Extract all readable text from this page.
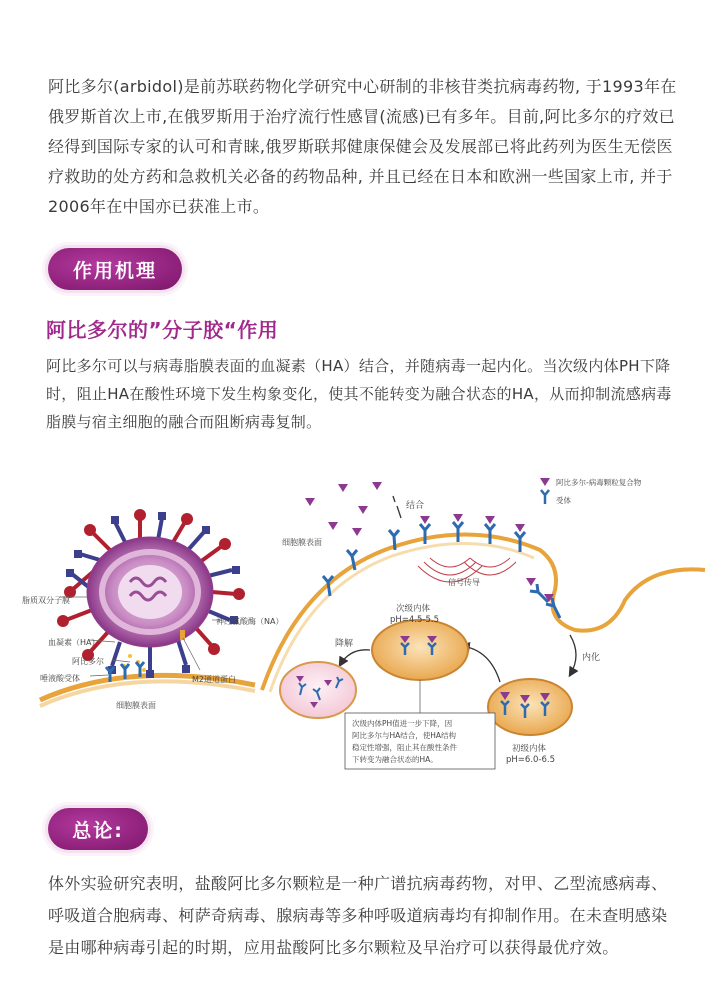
阿比多尔(arbidol)是前苏联药物化学研究中心研制的非核苷类抗病毒药物, 于1993年在俄罗斯首次上市,在俄罗斯用于治疗流行性感冒(流感)已有多年。目前,阿比多尔的疗效已经得到国际专家的认可和青睐,俄罗斯联邦健康保健会及发展部已将此药列为医生无偿医疗救助的处方药和急救机关必备的药物品种, 并且已经在日本和欧洲一些国家上市, 并于2006年在中国亦已获准上市。

作用机理
阿比多尔的”分子胶“作用

阿比多尔可以与病毒脂膜表面的血凝素（HA）结合，并随病毒一起内化。当次级内体PH下降时，阻止HA在酸性环境下发生构象变化，使其不能转变为融合状态的HA，从而抑制流感病毒脂膜与宿主细胞的融合而阻断病毒复制。

脂质双分子膜
血凝素（HA）
阿比多尔
唾液酸受体
神经氨酸酶（NA）
M2通道蛋白
细胞膜表面
阿比多尔-病毒颗粒复合物
受体
结合
细胞膜表面
信号传导
内化
降解
次级内体
pH=4.5-5.5
初级内体
pH=6.0-6.5
次级内体PH值进一步下降，因
阿比多尔与HA结合，使HA结构
稳定性增强，阻止其在酸性条件
下转变为融合状态的HA。
总论:

体外实验研究表明，盐酸阿比多尔颗粒是一种广谱抗病毒药物，对甲、乙型流感病毒、呼吸道合胞病毒、柯萨奇病毒、腺病毒等多种呼吸道病毒均有抑制作用。在未查明感染是由哪种病毒引起的时期，应用盐酸阿比多尔颗粒及早治疗可以获得最优疗效。
